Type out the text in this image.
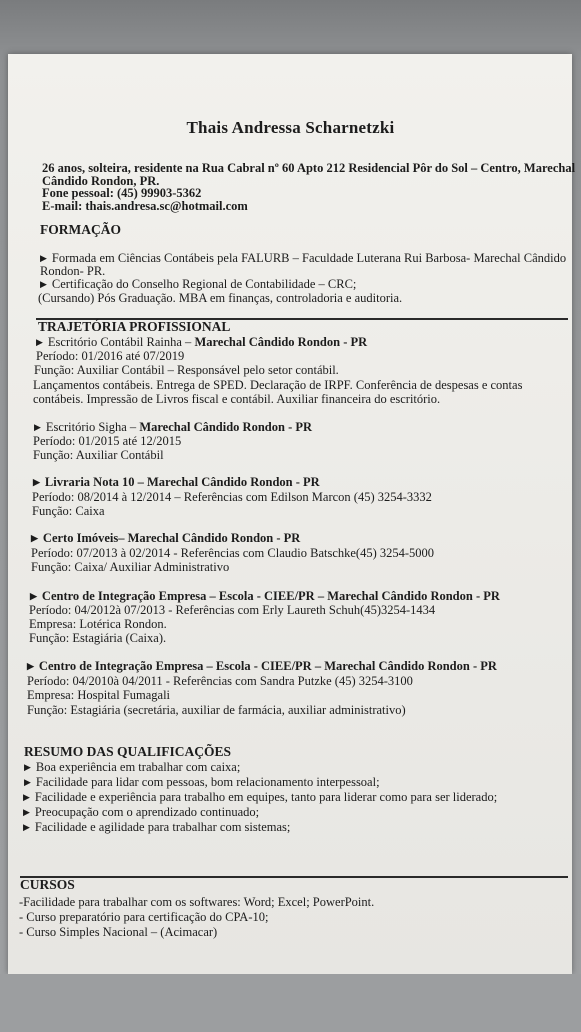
Thais Andressa Scharnetzki
26 anos, solteira, residente na Rua Cabral nº 60 Apto 212 Residencial Pôr do Sol – Centro, Marechal
Cândido Rondon, PR.
Fone pessoal: (45) 99903-5362
E-mail: thais.andresa.sc@hotmail.com
FORMAÇÃO
▶ Formada em Ciências Contábeis pela FALURB – Faculdade Luterana Rui Barbosa- Marechal Cândido
Rondon- PR.
▶ Certificação do Conselho Regional de Contabilidade – CRC;
(Cursando) Pós Graduação. MBA em finanças, controladoria e auditoria.
TRAJETÓRIA PROFISSIONAL
▶ Escritório Contábil Rainha – Marechal Cândido Rondon - PR
Período: 01/2016 até 07/2019
Função: Auxiliar Contábil – Responsável pelo setor contábil.
Lançamentos contábeis. Entrega de SPED. Declaração de IRPF. Conferência de despesas e contas
contábeis. Impressão de Livros fiscal e contábil. Auxiliar financeira do escritório.
▶ Escritório Sigha – Marechal Cândido Rondon - PR
Período: 01/2015 até 12/2015
Função: Auxiliar Contábil
▶ Livraria Nota 10 – Marechal Cândido Rondon - PR
Período: 08/2014 à 12/2014 – Referências com Edilson Marcon (45) 3254-3332
Função: Caixa
▶ Certo Imóveis– Marechal Cândido Rondon - PR
Período: 07/2013 à 02/2014 - Referências com Claudio Batschke(45) 3254-5000
Função: Caixa/ Auxiliar Administrativo
▶ Centro de Integração Empresa – Escola - CIEE/PR – Marechal Cândido Rondon - PR
Período: 04/2012à 07/2013 - Referências com Erly Laureth Schuh(45)3254-1434
Empresa: Lotérica Rondon.
Função: Estagiária (Caixa).
▶ Centro de Integração Empresa – Escola - CIEE/PR – Marechal Cândido Rondon - PR
Período: 04/2010à 04/2011 - Referências com Sandra Putzke (45) 3254-3100
Empresa: Hospital Fumagali
Função: Estagiária (secretária, auxiliar de farmácia, auxiliar administrativo)
RESUMO DAS QUALIFICAÇÕES
▶ Boa experiência em trabalhar com caixa;
▶ Facilidade para lidar com pessoas, bom relacionamento interpessoal;
▶ Facilidade e experiência para trabalho em equipes, tanto para liderar como para ser liderado;
▶ Preocupação com o aprendizado continuado;
▶ Facilidade e agilidade para trabalhar com sistemas;
CURSOS
-Facilidade para trabalhar com os softwares: Word; Excel; PowerPoint.
- Curso preparatório para certificação do CPA-10;
- Curso Simples Nacional – (Acimacar)
